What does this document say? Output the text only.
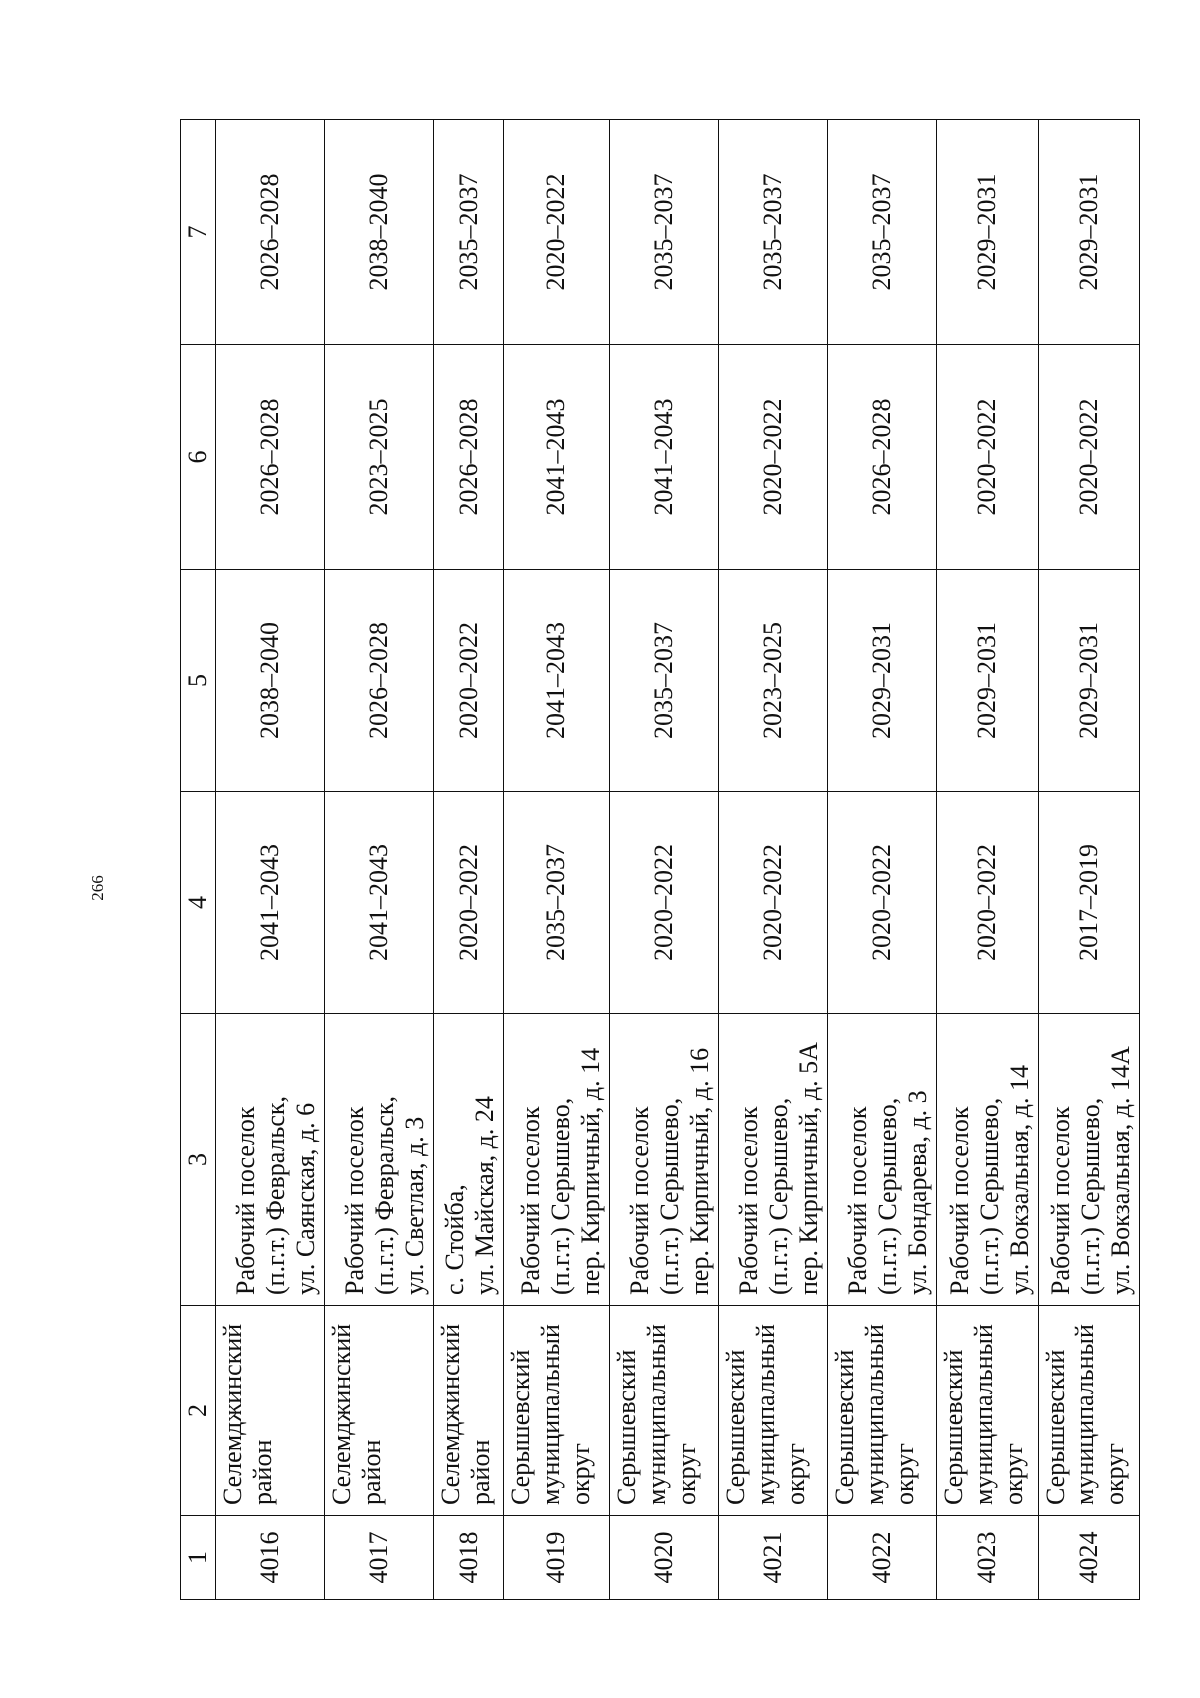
266
1	2	3	4	5	6	7
4016	Селемджинский район	Рабочий поселок (п.г.т.) Февральск, ул. Саянская, д. 6	2041–2043	2038–2040	2026–2028	2026–2028
4017	Селемджинский район	Рабочий поселок (п.г.т.) Февральск, ул. Светлая, д. 3	2041–2043	2026–2028	2023–2025	2038–2040
4018	Селемджинский район	с. Стойба, ул. Майская, д. 24	2020–2022	2020–2022	2026–2028	2035–2037
4019	Серышевский муниципальный округ	Рабочий поселок (п.г.т.) Серышево, пер. Кирпичный, д. 14	2035–2037	2041–2043	2041–2043	2020–2022
4020	Серышевский муниципальный округ	Рабочий поселок (п.г.т.) Серышево, пер. Кирпичный, д. 16	2020–2022	2035–2037	2041–2043	2035–2037
4021	Серышевский муниципальный округ	Рабочий поселок (п.г.т.) Серышево, пер. Кирпичный, д. 5А	2020–2022	2023–2025	2020–2022	2035–2037
4022	Серышевский муниципальный округ	Рабочий поселок (п.г.т.) Серышево, ул. Бондарева, д. 3	2020–2022	2029–2031	2026–2028	2035–2037
4023	Серышевский муниципальный округ	Рабочий поселок (п.г.т.) Серышево, ул. Вокзальная, д. 14	2020–2022	2029–2031	2020–2022	2029–2031
4024	Серышевский муниципальный округ	Рабочий поселок (п.г.т.) Серышево, ул. Вокзальная, д. 14А	2017–2019	2029–2031	2020–2022	2029–2031
